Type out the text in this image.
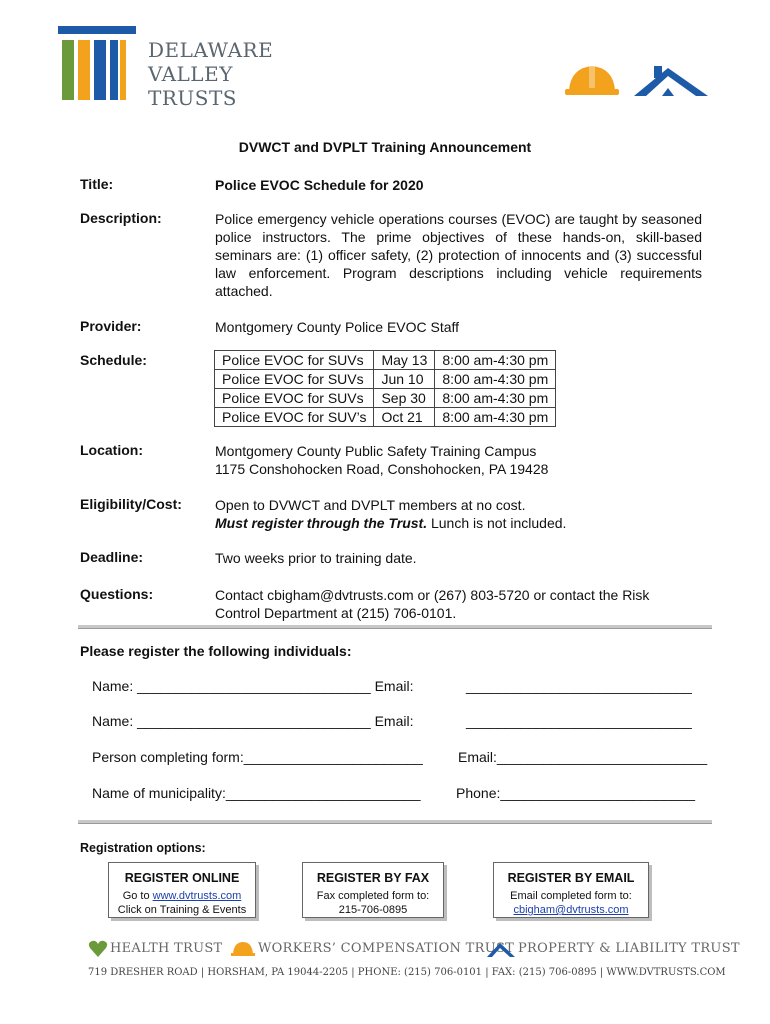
DELAWARE
VALLEY
TRUSTS
DVWCT and DVPLT Training Announcement
Title:	Police EVOC Schedule for 2020
Description:	Police emergency vehicle operations courses (EVOC) are taught by seasoned police instructors. The prime objectives of these hands-on, skill-based seminars are: (1) officer safety, (2) protection of innocents and (3) successful law enforcement. Program descriptions including vehicle requirements attached.
Provider:	Montgomery County Police EVOC Staff
Schedule:	Police EVOC for SUVs	May 13	8:00 am-4:30 pm
Police EVOC for SUVs	Jun 10	8:00 am-4:30 pm
Police EVOC for SUVs	Sep 30	8:00 am-4:30 pm
Police EVOC for SUV’s	Oct 21	8:00 am-4:30 pm
Location:	Montgomery County Public Safety Training Campus
1175 Conshohocken Road, Conshohocken, PA 19428
Eligibility/Cost: Open to DVWCT and DVPLT members at no cost.
Must register through the Trust. Lunch is not included.
Deadline:	Two weeks prior to training date.
Questions:	Contact cbigham@dvtrusts.com or (267) 803-5720 or contact the Risk
Control Department at (215) 706-0101.
Please register the following individuals:
Name: ______________________________ Email:	_____________________________
Name: ______________________________ Email:	_____________________________
Person completing form:_______________________	Email:___________________________
Name of municipality:_________________________	Phone:_________________________
Registration options:
REGISTER ONLINE
Go to www.dvtrusts.com
Click on Training & Events
REGISTER BY FAX
Fax completed form to:
215-706-0895
REGISTER BY EMAIL
Email completed form to:
cbigham@dvtrusts.com
HEALTH TRUST	WORKERS’ COMPENSATION TRUST PROPERTY & LIABILITY TRUST
719 DRESHER ROAD | HORSHAM, PA 19044-2205 | PHONE: (215) 706-0101 | FAX: (215) 706-0895 | WWW.DVTRUSTS.COM
